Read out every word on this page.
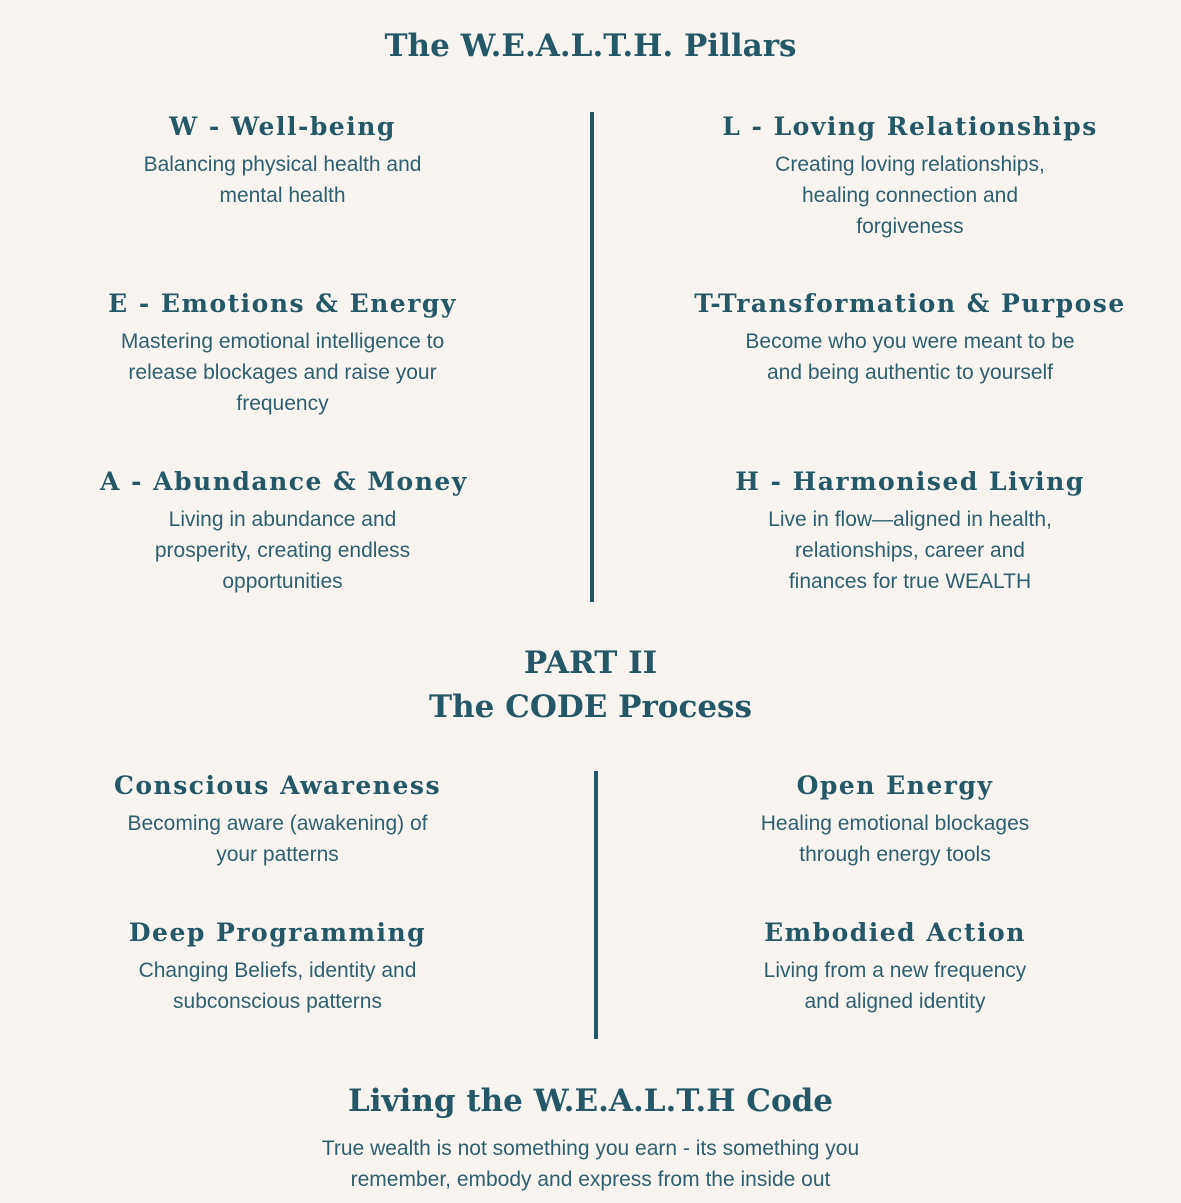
The W.E.A.L.T.H. Pillars
W - Well-being

Balancing physical health and mental health

E - Emotions & Energy

Mastering emotional intelligence to release blockages and raise your frequency

A - Abundance & Money

Living in abundance and prosperity, creating endless opportunities

L - Loving Relationships

Creating loving relationships, healing connection and forgiveness

T-Transformation & Purpose

Become who you were meant to be and being authentic to yourself

H - Harmonised Living

Live in flow—aligned in health, relationships, career and finances for true WEALTH

PART II
The CODE Process
Conscious Awareness

Becoming aware (awakening) of your patterns

Deep Programming

Changing Beliefs, identity and subconscious patterns

Open Energy

Healing emotional blockages through energy tools

Embodied Action

Living from a new frequency and aligned identity

Living the W.E.A.L.T.H Code
True wealth is not something you earn - its something you
remember, embody and express from the inside out
